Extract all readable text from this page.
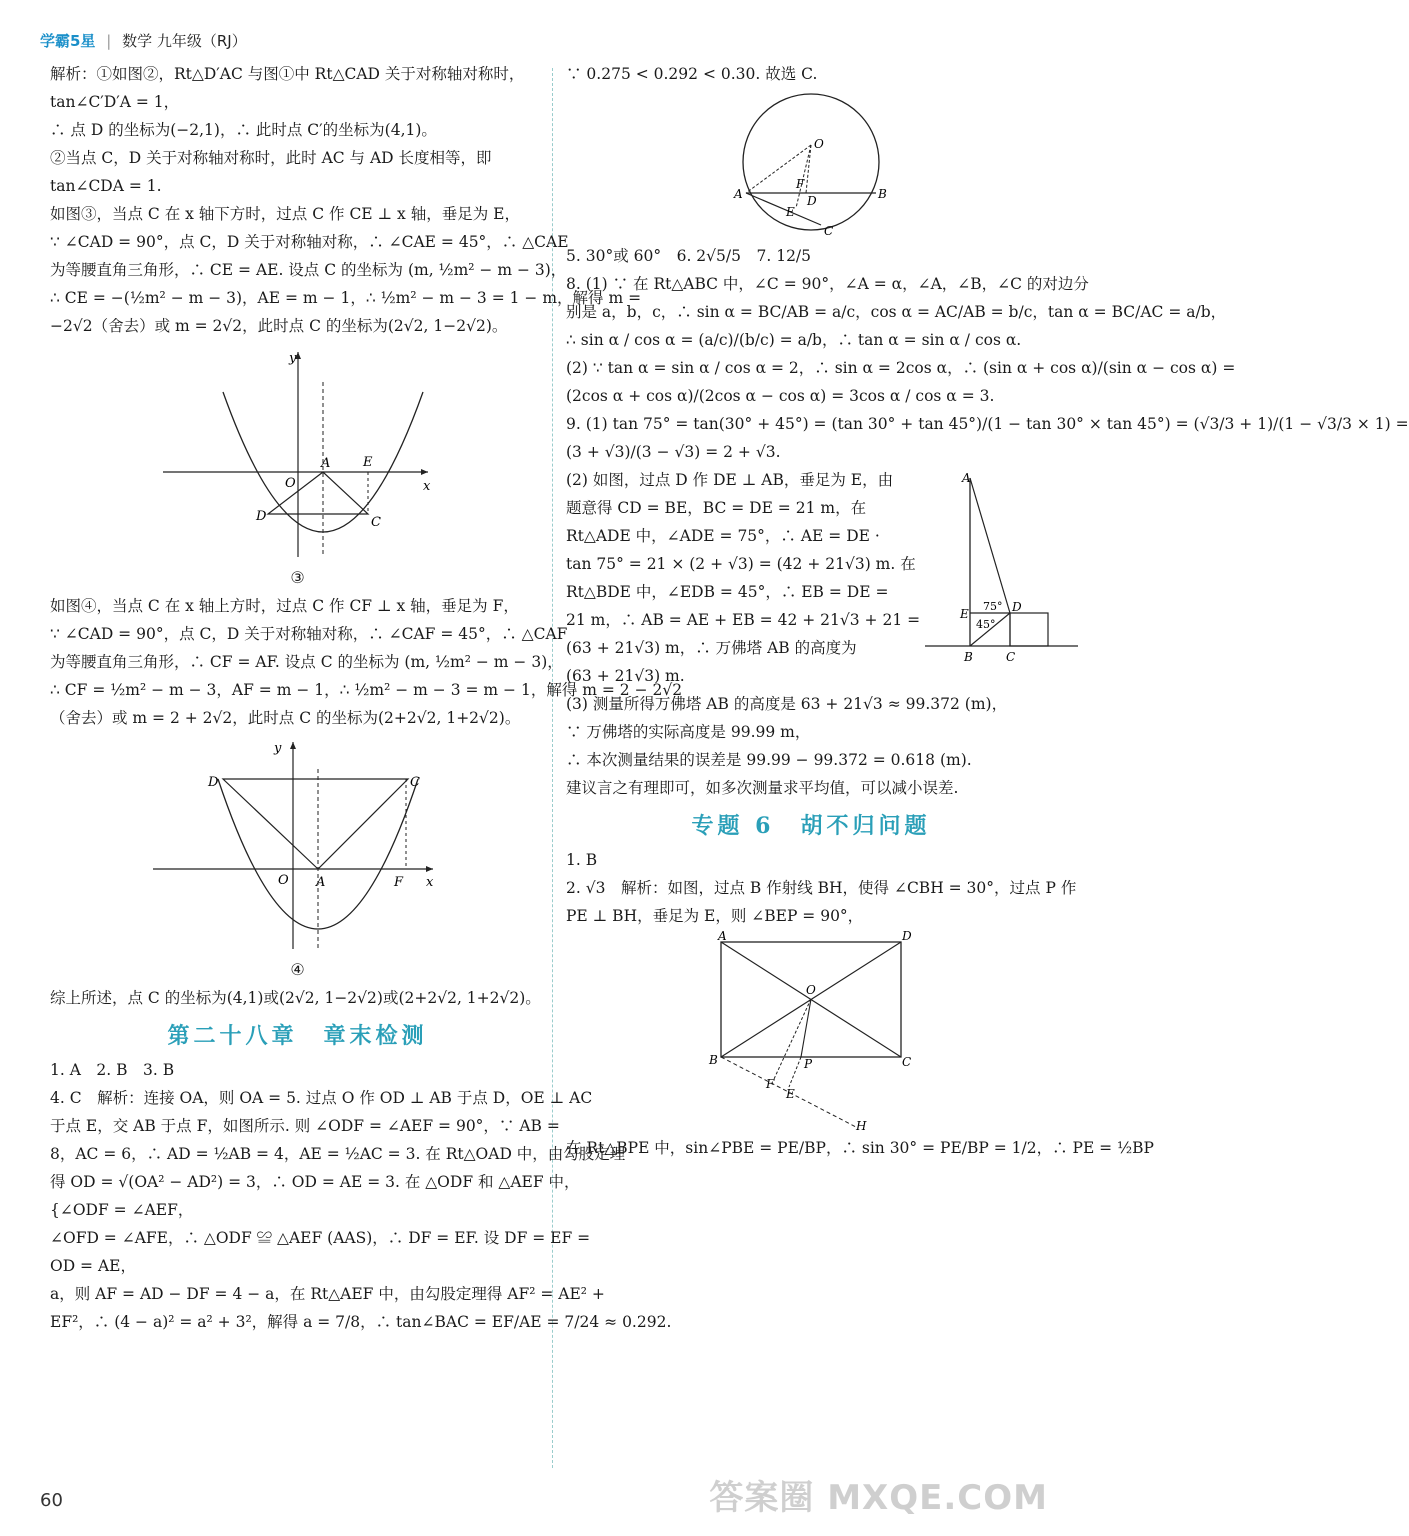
学霸5星 | 数学 九年级（RJ）

解析：①如图②，Rt△D′AC 与图①中 Rt△CAD 关于对称轴对称时，

tan∠C′D′A = 1，

∴ 点 D 的坐标为(−2,1)，∴ 此时点 C′的坐标为(4,1)。

②当点 C，D 关于对称轴对称时，此时 AC 与 AD 长度相等，即

tan∠CDA = 1.

如图③，当点 C 在 x 轴下方时，过点 C 作 CE ⊥ x 轴，垂足为 E，

∵ ∠CAD = 90°，点 C，D 关于对称轴对称，∴ ∠CAE = 45°，∴ △CAE

为等腰直角三角形，∴ CE = AE. 设点 C 的坐标为 (m, ½m² − m − 3)，

∴ CE = −(½m² − m − 3)，AE = m − 1，∴ ½m² − m − 3 = 1 − m，解得 m =

−2√2（舍去）或 m = 2√2，此时点 C 的坐标为(2√2, 1−2√2)。

y
x
O
A	E
D	C
③

如图④，当点 C 在 x 轴上方时，过点 C 作 CF ⊥ x 轴，垂足为 F，

∵ ∠CAD = 90°，点 C，D 关于对称轴对称，∴ ∠CAF = 45°，∴ △CAF

为等腰直角三角形，∴ CF = AF. 设点 C 的坐标为 (m, ½m² − m − 3)，

∴ CF = ½m² − m − 3，AF = m − 1，∴ ½m² − m − 3 = m − 1，解得 m = 2 − 2√2

（舍去）或 m = 2 + 2√2，此时点 C 的坐标为(2+2√2, 1+2√2)。

y
x
O A	F
D	C
④

综上所述，点 C 的坐标为(4,1)或(2√2, 1−2√2)或(2+2√2, 1+2√2)。

第二十八章　章末检测

1. A　2. B　3. B

4. C　解析：连接 OA，则 OA = 5. 过点 O 作 OD ⊥ AB 于点 D，OE ⊥ AC

于点 E，交 AB 于点 F，如图所示. 则 ∠ODF = ∠AEF = 90°，∵ AB =

8，AC = 6，∴ AD = ½AB = 4，AE = ½AC = 3. 在 Rt△OAD 中，由勾股定理

得 OD = √(OA² − AD²) = 3，∴ OD = AE = 3. 在 △ODF 和 △AEF 中，

{∠ODF = ∠AEF，

∠OFD = ∠AFE，∴ △ODF ≌ △AEF (AAS)，∴ DF = EF. 设 DF = EF =

OD = AE，

a，则 AF = AD − DF = 4 − a，在 Rt△AEF 中，由勾股定理得 AF² = AE² +

EF²，∴ (4 − a)² = a² + 3²，解得 a = 7/8，∴ tan∠BAC = EF/AE = 7/24 ≈ 0.292.

∵ 0.275 < 0.292 < 0.30. 故选 C.

O
A	B
C
D
E
F

5. 30°或 60°　6. 2√5/5　7. 12/5

8. (1) ∵ 在 Rt△ABC 中，∠C = 90°，∠A = α，∠A，∠B，∠C 的对边分

别是 a，b，c，∴ sin α = BC/AB = a/c，cos α = AC/AB = b/c，tan α = BC/AC = a/b，

∴ sin α / cos α = (a/c)/(b/c) = a/b，∴ tan α = sin α / cos α.

(2) ∵ tan α = sin α / cos α = 2，∴ sin α = 2cos α，∴ (sin α + cos α)/(sin α − cos α) =

(2cos α + cos α)/(2cos α − cos α) = 3cos α / cos α = 3.

9. (1) tan 75° = tan(30° + 45°) = (tan 30° + tan 45°)/(1 − tan 30° × tan 45°) = (√3/3 + 1)/(1 − √3/3 × 1) =

(3 + √3)/(3 − √3) = 2 + √3.

(2) 如图，过点 D 作 DE ⊥ AB，垂足为 E，由

题意得 CD = BE，BC = DE = 21 m，在

Rt△ADE 中，∠ADE = 75°，∴ AE = DE ·

tan 75° = 21 × (2 + √3) = (42 + 21√3) m. 在

Rt△BDE 中，∠EDB = 45°，∴ EB = DE =

21 m，∴ AB = AE + EB = 42 + 21√3 + 21 =

(63 + 21√3) m，∴ 万佛塔 AB 的高度为

(63 + 21√3) m.

A
B	C
D
E
75°
45°

(3) 测量所得万佛塔 AB 的高度是 63 + 21√3 ≈ 99.372 (m)，

∵ 万佛塔的实际高度是 99.99 m，

∴ 本次测量结果的误差是 99.99 − 99.372 = 0.618 (m).

建议言之有理即可，如多次测量求平均值，可以减小误差.

专题 6　胡不归问题

1. B

2. √3　解析：如图，过点 B 作射线 BH，使得 ∠CBH = 30°，过点 P 作

PE ⊥ BH，垂足为 E，则 ∠BEP = 90°，

A	D
B	C
O
P
F
E
H

在 Rt△BPE 中，sin∠PBE = PE/BP，∴ sin 30° = PE/BP = 1/2，∴ PE = ½BP

60	答案圈 MXQE.COM
